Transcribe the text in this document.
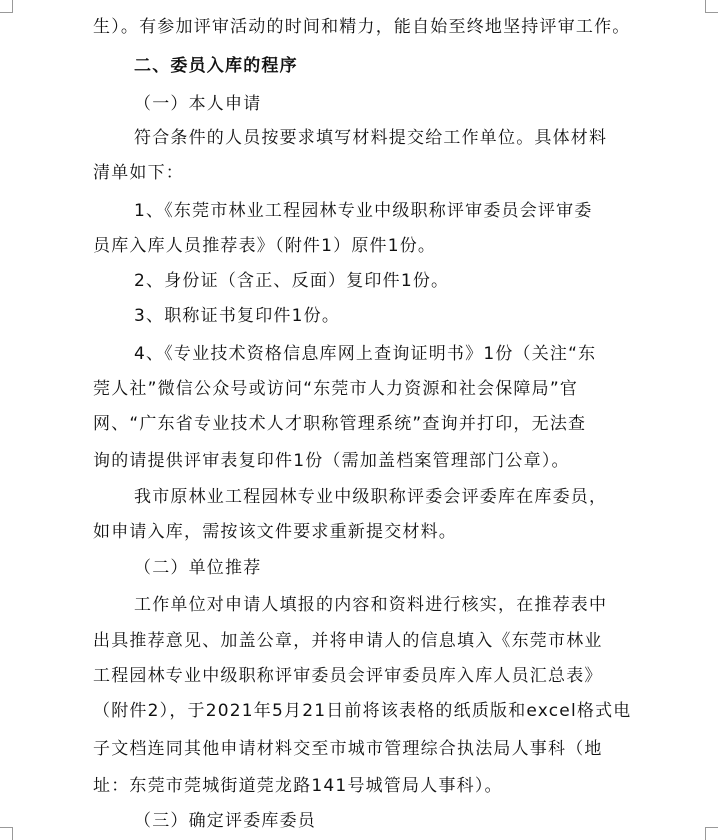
生）。有参加评审活动的时间和精力，能自始至终地坚持评审工作。
二、委员入库的程序
（一）本人申请
符合条件的人员按要求填写材料提交给工作单位。具体材料
清单如下：
1、《东莞市林业工程园林专业中级职称评审委员会评审委
员库入库人员推荐表》（附件1）原件1份。
2、身份证（含正、反面）复印件1份。
3、职称证书复印件1份。
4、《专业技术资格信息库网上查询证明书》1份（关注“东
莞人社”微信公众号或访问“东莞市人力资源和社会保障局”官
网、“广东省专业技术人才职称管理系统”查询并打印，无法查
询的请提供评审表复印件1份（需加盖档案管理部门公章）。
我市原林业工程园林专业中级职称评委会评委库在库委员，
如申请入库，需按该文件要求重新提交材料。
（二）单位推荐
工作单位对申请人填报的内容和资料进行核实，在推荐表中
出具推荐意见、加盖公章，并将申请人的信息填入《东莞市林业
工程园林专业中级职称评审委员会评审委员库入库人员汇总表》
（附件2），于2021年5月21日前将该表格的纸质版和excel格式电
子文档连同其他申请材料交至市城市管理综合执法局人事科（地
址：东莞市莞城街道莞龙路141号城管局人事科）。
（三）确定评委库委员
